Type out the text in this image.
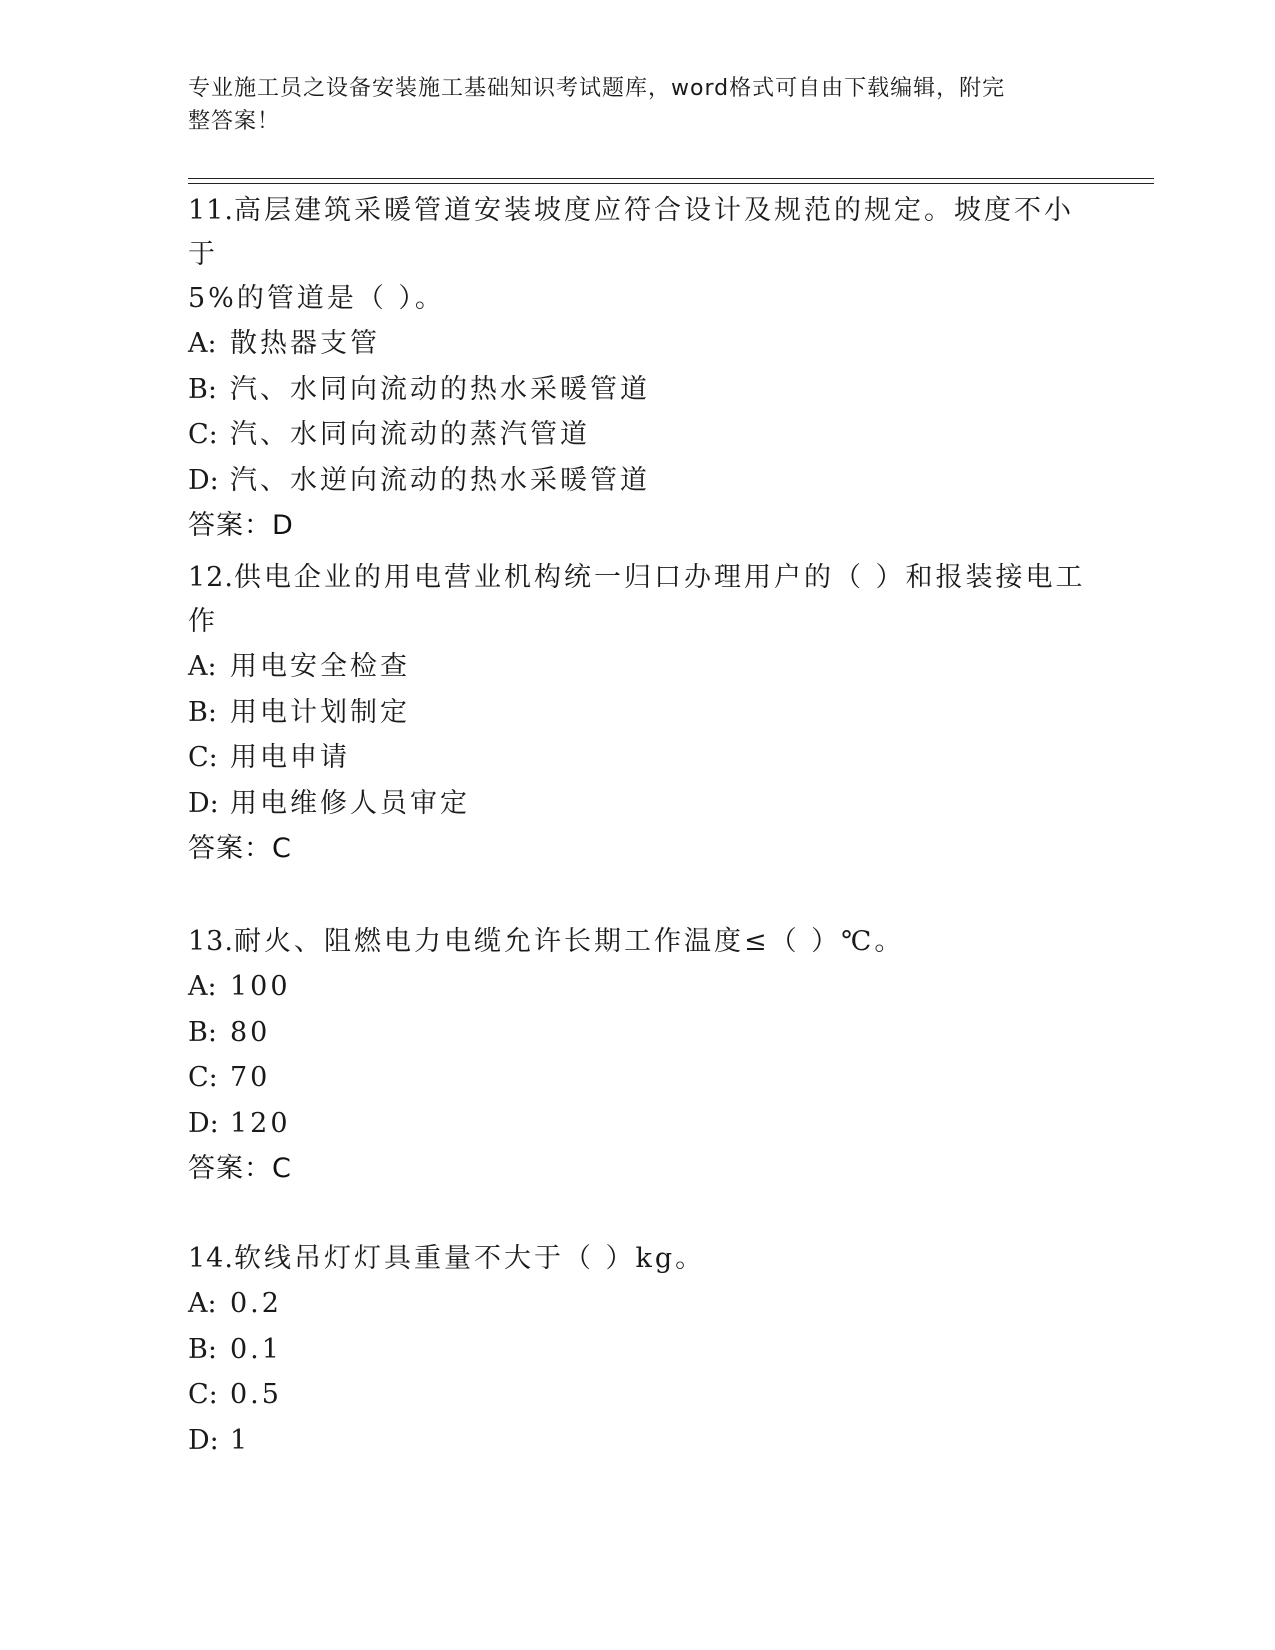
专业施工员之设备安装施工基础知识考试题库，word格式可自由下载编辑，附完
整答案！
11.高层建筑采暖管道安装坡度应符合设计及规范的规定。坡度不小于
5%的管道是（ ）。
A: 散热器支管
B: 汽、水同向流动的热水采暖管道
C: 汽、水同向流动的蒸汽管道
D: 汽、水逆向流动的热水采暖管道
答案：D
12.供电企业的用电营业机构统一归口办理用户的（ ）和报装接电工
作
A: 用电安全检查
B: 用电计划制定
C: 用电申请
D: 用电维修人员审定
答案：C
13.耐火、阻燃电力电缆允许长期工作温度≤（ ）℃。
A: 100
B: 80
C: 70
D: 120
答案：C
14.软线吊灯灯具重量不大于（ ）kg。
A: 0.2
B: 0.1
C: 0.5
D: 1
